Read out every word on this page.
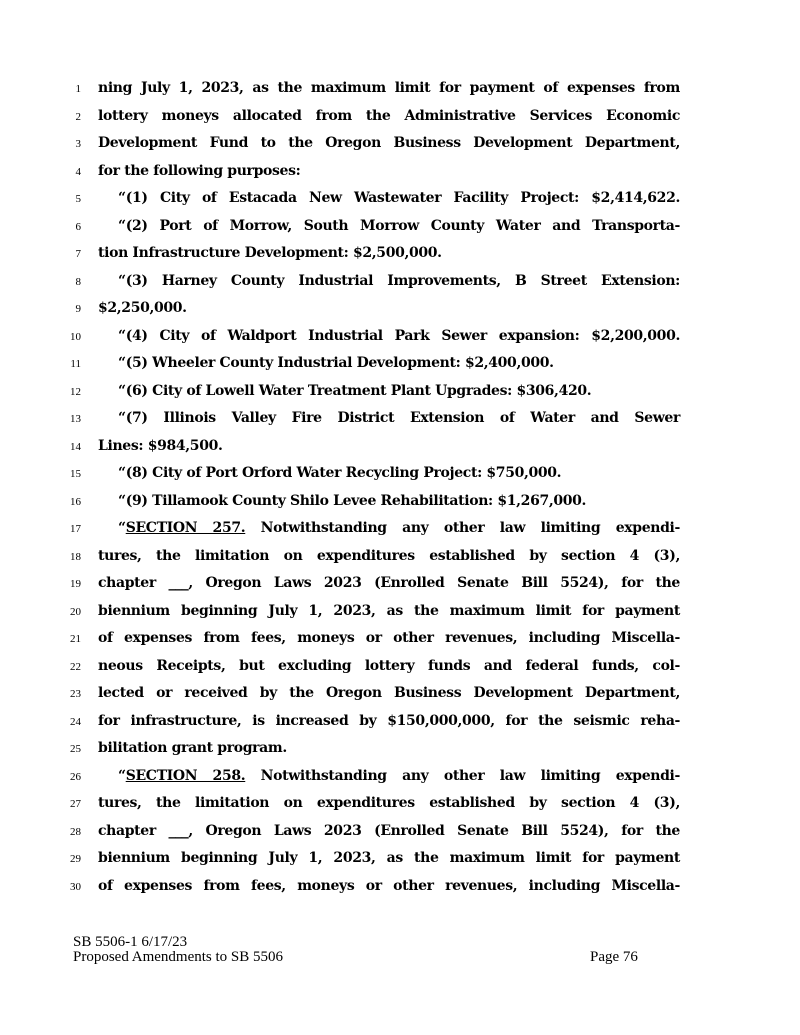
1 ning July 1, 2023, as the maximum limit for payment of expenses from
2 lottery moneys allocated from the Administrative Services Economic
3 Development Fund to the Oregon Business Development Department,
4 for the following purposes:
5	“(1) City of Estacada New Wastewater Facility Project: $2,414,622.
6	“(2) Port of Morrow, South Morrow County Water and Transporta-
7 tion Infrastructure Development: $2,500,000.
8	“(3) Harney County Industrial Improvements, B Street Extension:
9 $2,250,000.
10	“(4) City of Waldport Industrial Park Sewer expansion: $2,200,000.
11	“(5) Wheeler County Industrial Development: $2,400,000.
12	“(6) City of Lowell Water Treatment Plant Upgrades: $306,420.
13	“(7) Illinois Valley Fire District Extension of Water and Sewer
14 Lines: $984,500.
15	“(8) City of Port Orford Water Recycling Project: $750,000.
16	“(9) Tillamook County Shilo Levee Rehabilitation: $1,267,000.
17	“SECTION 257. Notwithstanding any other law limiting expendi-
18 tures, the limitation on expenditures established by section 4 (3),
19 chapter ___, Oregon Laws 2023 (Enrolled Senate Bill 5524), for the
20 biennium beginning July 1, 2023, as the maximum limit for payment
21 of expenses from fees, moneys or other revenues, including Miscella-
22 neous Receipts, but excluding lottery funds and federal funds, col-
23 lected or received by the Oregon Business Development Department,
24 for infrastructure, is increased by $150,000,000, for the seismic reha-
25 bilitation grant program.
26	“SECTION 258. Notwithstanding any other law limiting expendi-
27 tures, the limitation on expenditures established by section 4 (3),
28 chapter ___, Oregon Laws 2023 (Enrolled Senate Bill 5524), for the
29 biennium beginning July 1, 2023, as the maximum limit for payment
30 of expenses from fees, moneys or other revenues, including Miscella-
SB 5506-1 6/17/23
Proposed Amendments to SB 5506	Page 76
